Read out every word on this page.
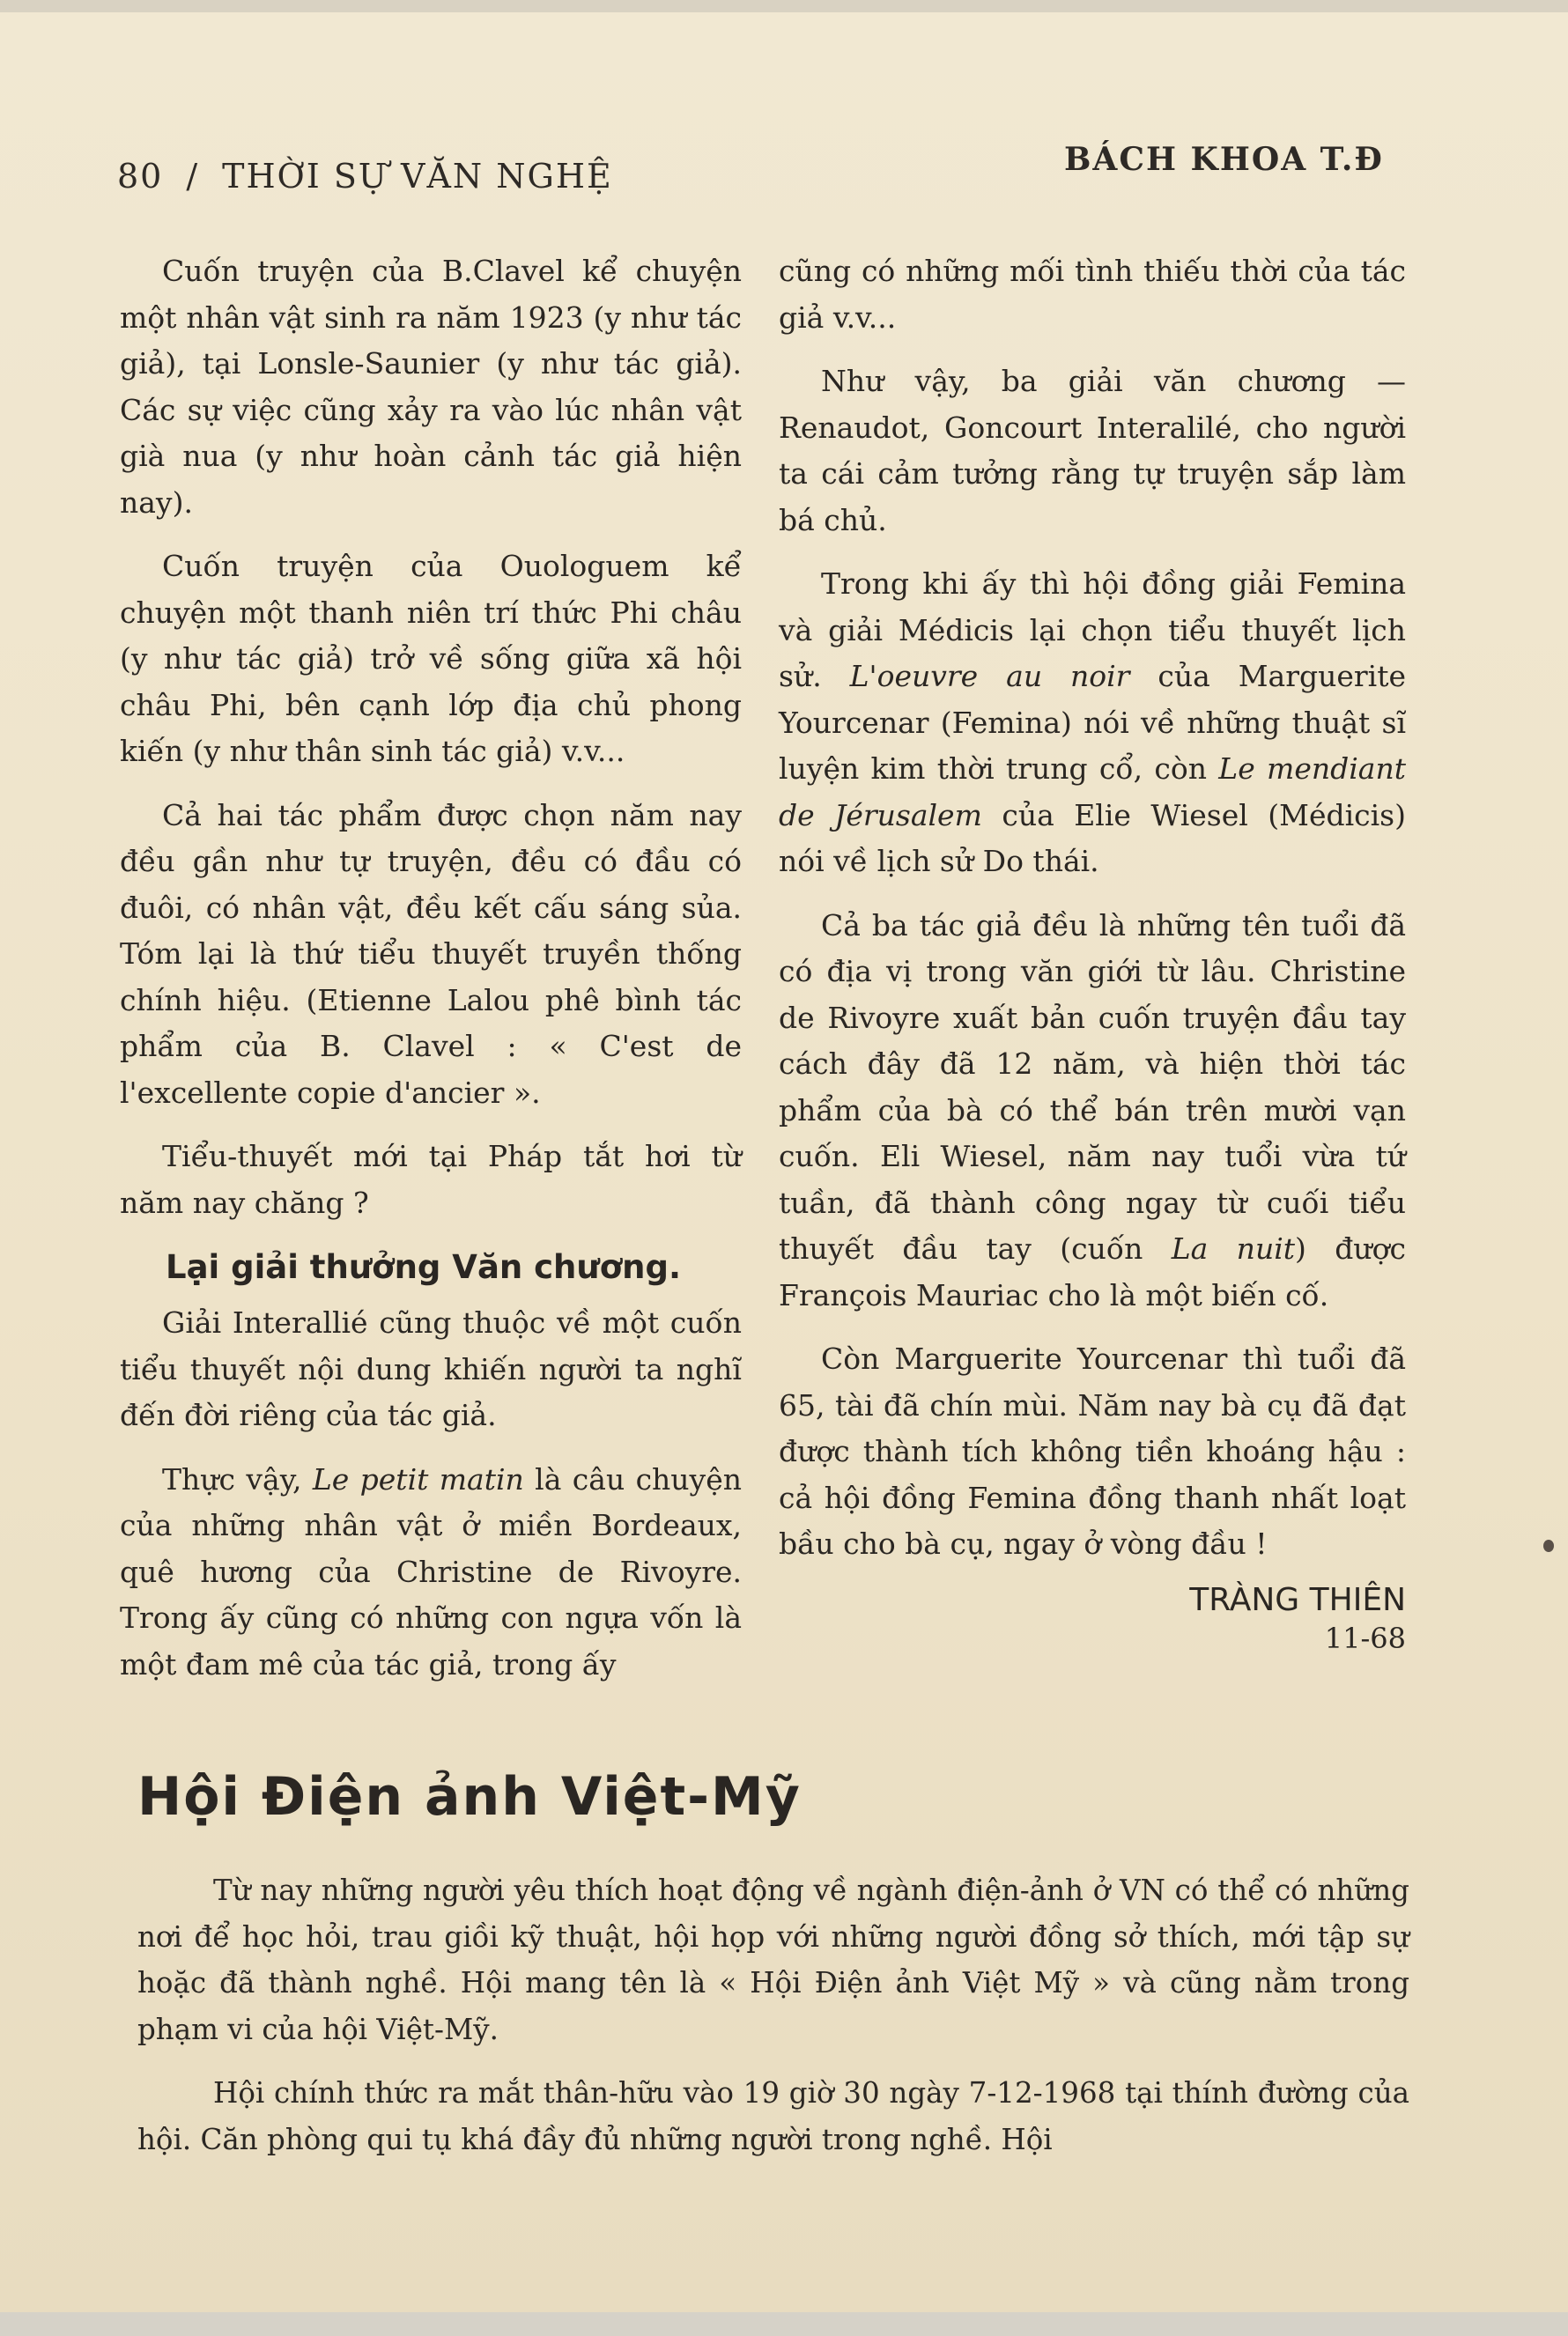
80 / THỜI SỰ VĂN NGHỆ	BÁCH KHOA T.Đ

Cuốn truyện của B.Clavel kể chuyện một nhân vật sinh ra năm 1923 (y như tác giả), tại Lonsle-Saunier (y như tác giả). Các sự việc cũng xảy ra vào lúc nhân vật già nua (y như hoàn cảnh tác giả hiện nay).

Cuốn truyện của Ouologuem kể chuyện một thanh niên trí thức Phi châu (y như tác giả) trở về sống giữa xã hội châu Phi, bên cạnh lớp địa chủ phong kiến (y như thân sinh tác giả) v.v...

Cả hai tác phẩm được chọn năm nay đều gần như tự truyện, đều có đầu có đuôi, có nhân vật, đều kết cấu sáng sủa. Tóm lại là thứ tiểu thuyết truyền thống chính hiệu. (Etienne Lalou phê bình tác phẩm của B. Clavel : « C'est de l'excellente copie d'ancier ».

Tiểu-thuyết mới tại Pháp tắt hơi từ năm nay chăng ?

Lại giải thưởng Văn chương.

Giải Interallié cũng thuộc về một cuốn tiểu thuyết nội dung khiến người ta nghĩ đến đời riêng của tác giả.

Thực vậy, Le petit matin là câu chuyện của những nhân vật ở miền Bordeaux, quê hương của Christine de Rivoyre. Trong ấy cũng có những con ngựa vốn là một đam mê của tác giả, trong ấy

cũng có những mối tình thiếu thời của tác giả v.v...

Như vậy, ba giải văn chương — Renaudot, Goncourt Interalilé, cho người ta cái cảm tưởng rằng tự truyện sắp làm bá chủ.

Trong khi ấy thì hội đồng giải Femina và giải Médicis lại chọn tiểu thuyết lịch sử. L'oeuvre au noir của Marguerite Yourcenar (Femina) nói về những thuật sĩ luyện kim thời trung cổ, còn Le mendiant de Jérusalem của Elie Wiesel (Médicis) nói về lịch sử Do thái.

Cả ba tác giả đều là những tên tuổi đã có địa vị trong văn giới từ lâu. Christine de Rivoyre xuất bản cuốn truyện đầu tay cách đây đã 12 năm, và hiện thời tác phẩm của bà có thể bán trên mười vạn cuốn. Eli Wiesel, năm nay tuổi vừa tứ tuần, đã thành công ngay từ cuối tiểu thuyết đầu tay (cuốn La nuit) được François Mauriac cho là một biến cố.

Còn Marguerite Yourcenar thì tuổi đã 65, tài đã chín mùi. Năm nay bà cụ đã đạt được thành tích không tiền khoáng hậu : cả hội đồng Femina đồng thanh nhất loạt bầu cho bà cụ, ngay ở vòng đầu !

TRÀNG THIÊN
11-68
Hội Điện ảnh Việt-Mỹ

Từ nay những người yêu thích hoạt động về ngành điện-ảnh ở VN có thể có những nơi để học hỏi, trau giồi kỹ thuật, hội họp với những người đồng sở thích, mới tập sự hoặc đã thành nghề. Hội mang tên là « Hội Điện ảnh Việt Mỹ » và cũng nằm trong phạm vi của hội Việt-Mỹ.

Hội chính thức ra mắt thân-hữu vào 19 giờ 30 ngày 7-12-1968 tại thính đường của hội. Căn phòng qui tụ khá đầy đủ những người trong nghề. Hội
